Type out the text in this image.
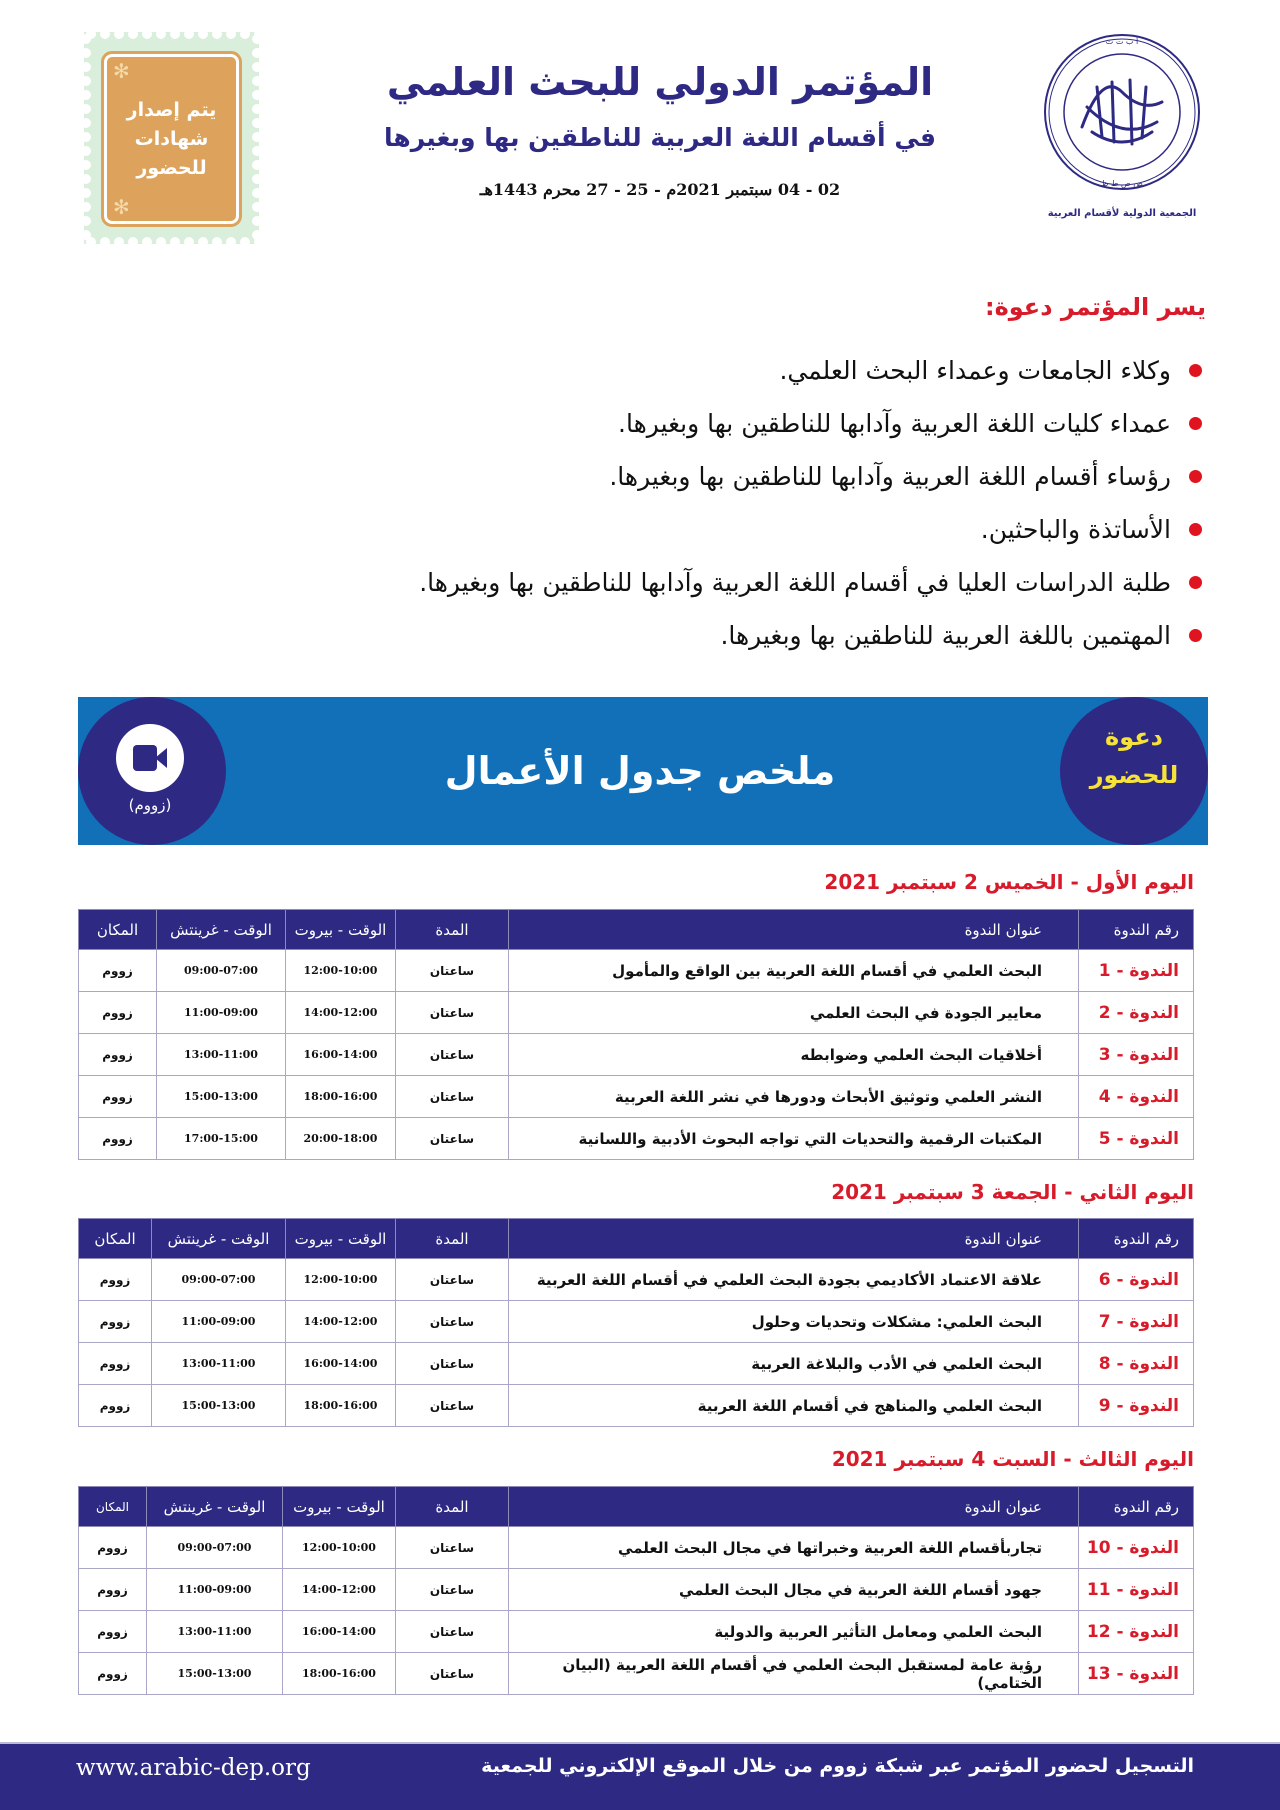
✻
يتم إصدار شهادات للحضور
✻
المؤتمر الدولي للبحث العلمي
في أقسام اللغة العربية للناطقين بها وبغيرها
02 - 04 سبتمبر 2021م - 25 - 27 محرم 1443هـ
أ ب ت ث
ض ص ط ظ
الجمعية الدولية لأقسام العربية
يسر المؤتمر دعوة:
وكلاء الجامعات وعمداء البحث العلمي.
عمداء كليات اللغة العربية وآدابها للناطقين بها وبغيرها.
رؤساء أقسام اللغة العربية وآدابها للناطقين بها وبغيرها.
الأساتذة والباحثين.
طلبة الدراسات العليا في أقسام اللغة العربية وآدابها للناطقين بها وبغيرها.
المهتمين باللغة العربية للناطقين بها وبغيرها.
ملخص جدول الأعمال
(زووم)
دعوة للحضور
اليوم الأول - الخميس 2 سبتمبر 2021
رقم الندوة	عنوان الندوة	المدة	الوقت - بيروت	الوقت - غرينتش	المكان
الندوة - 1	البحث العلمي في أقسام اللغة العربية بين الواقع والمأمول	ساعتان	12:00-10:00	09:00-07:00	زووم
الندوة - 2	معايير الجودة في البحث العلمي	ساعتان	14:00-12:00	11:00-09:00	زووم
الندوة - 3	أخلاقيات البحث العلمي وضوابطه	ساعتان	16:00-14:00	13:00-11:00	زووم
الندوة - 4	النشر العلمي وتوثيق الأبحاث ودورها في نشر اللغة العربية	ساعتان	18:00-16:00	15:00-13:00	زووم
الندوة - 5	المكتبات الرقمية والتحديات التي تواجه البحوث الأدبية واللسانية	ساعتان	20:00-18:00	17:00-15:00	زووم
اليوم الثاني - الجمعة 3 سبتمبر 2021
رقم الندوة	عنوان الندوة	المدة	الوقت - بيروت	الوقت - غرينتش	المكان
الندوة - 6	علاقة الاعتماد الأكاديمي بجودة البحث العلمي في أقسام اللغة العربية	ساعتان	12:00-10:00	09:00-07:00	زووم
الندوة - 7	البحث العلمي: مشكلات وتحديات وحلول	ساعتان	14:00-12:00	11:00-09:00	زووم
الندوة - 8	البحث العلمي في الأدب والبلاغة العربية	ساعتان	16:00-14:00	13:00-11:00	زووم
الندوة - 9	البحث العلمي والمناهج في أقسام اللغة العربية	ساعتان	18:00-16:00	15:00-13:00	زووم
اليوم الثالث - السبت 4 سبتمبر 2021
رقم الندوة	عنوان الندوة	المدة	الوقت - بيروت	الوقت - غرينتش	المكان
الندوة - 10	تجاربأقسام اللغة العربية وخبراتها في مجال البحث العلمي	ساعتان	12:00-10:00	09:00-07:00	زووم
الندوة - 11	جهود أقسام اللغة العربية في مجال البحث العلمي	ساعتان	14:00-12:00	11:00-09:00	زووم
الندوة - 12	البحث العلمي ومعامل التأثير العربية والدولية	ساعتان	16:00-14:00	13:00-11:00	زووم
الندوة - 13	رؤية عامة لمستقبل البحث العلمي في أقسام اللغة العربية (البيان الختامي)	ساعتان	18:00-16:00	15:00-13:00	زووم
التسجيل لحضور المؤتمر عبر شبكة زووم من خلال الموقع الإلكتروني للجمعية
www.arabic-dep.org
